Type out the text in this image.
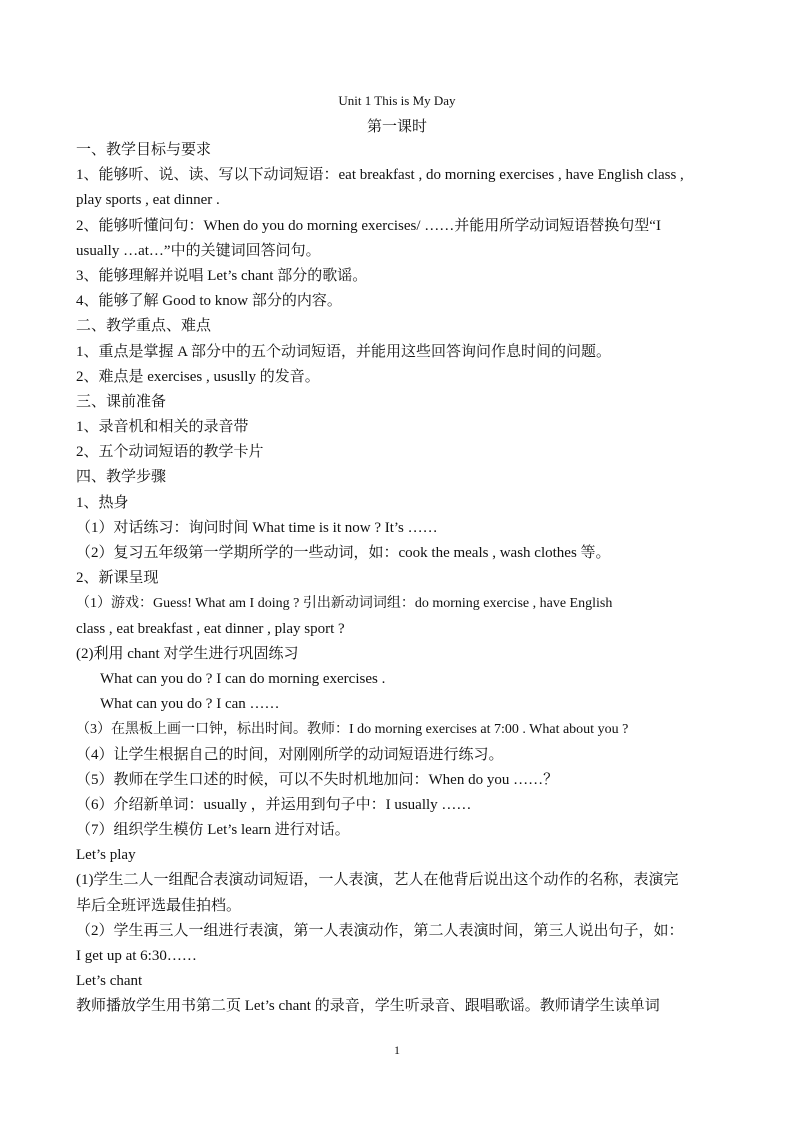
Unit 1 This is My Day
第一课时
一、教学目标与要求
1、能够听、说、读、写以下动词短语：eat breakfast , do morning exercises , have English class ,
play sports , eat dinner .
2、能够听懂问句：When do you do morning exercises/ ……并能用所学动词短语替换句型“I
usually …at…”中的关键词回答问句。
3、能够理解并说唱 Let’s chant 部分的歌谣。
4、能够了解 Good to know 部分的内容。
二、教学重点、难点
1、重点是掌握 A 部分中的五个动词短语，并能用这些回答询问作息时间的问题。
2、难点是 exercises , ususlly 的发音。
三、课前准备
1、录音机和相关的录音带
2、五个动词短语的教学卡片
四、教学步骤
1、热身
（1）对话练习：询问时间 What time is it now ? It’s ……
（2）复习五年级第一学期所学的一些动词，如：cook the meals , wash clothes 等。
2、新课呈现
（1）游戏：Guess! What am I doing ? 引出新动词词组：do morning exercise , have English
class , eat breakfast , eat dinner , play sport ?
(2)利用 chant 对学生进行巩固练习
What can you do ? I can do morning exercises .
What can you do ? I can ……
（3）在黑板上画一口钟，标出时间。教师：I do morning exercises at 7:00 . What about you ?
（4）让学生根据自己的时间，对刚刚所学的动词短语进行练习。
（5）教师在学生口述的时候，可以不失时机地加问：When do you ……？
（6）介绍新单词：usually ，并运用到句子中：I usually ……
（7）组织学生模仿 Let’s learn 进行对话。
Let’s play
(1)学生二人一组配合表演动词短语，一人表演，艺人在他背后说出这个动作的名称，表演完
毕后全班评选最佳拍档。
（2）学生再三人一组进行表演，第一人表演动作，第二人表演时间，第三人说出句子，如：
I get up at 6:30……
Let’s chant
教师播放学生用书第二页 Let’s chant 的录音，学生听录音、跟唱歌谣。教师请学生读单词
1
